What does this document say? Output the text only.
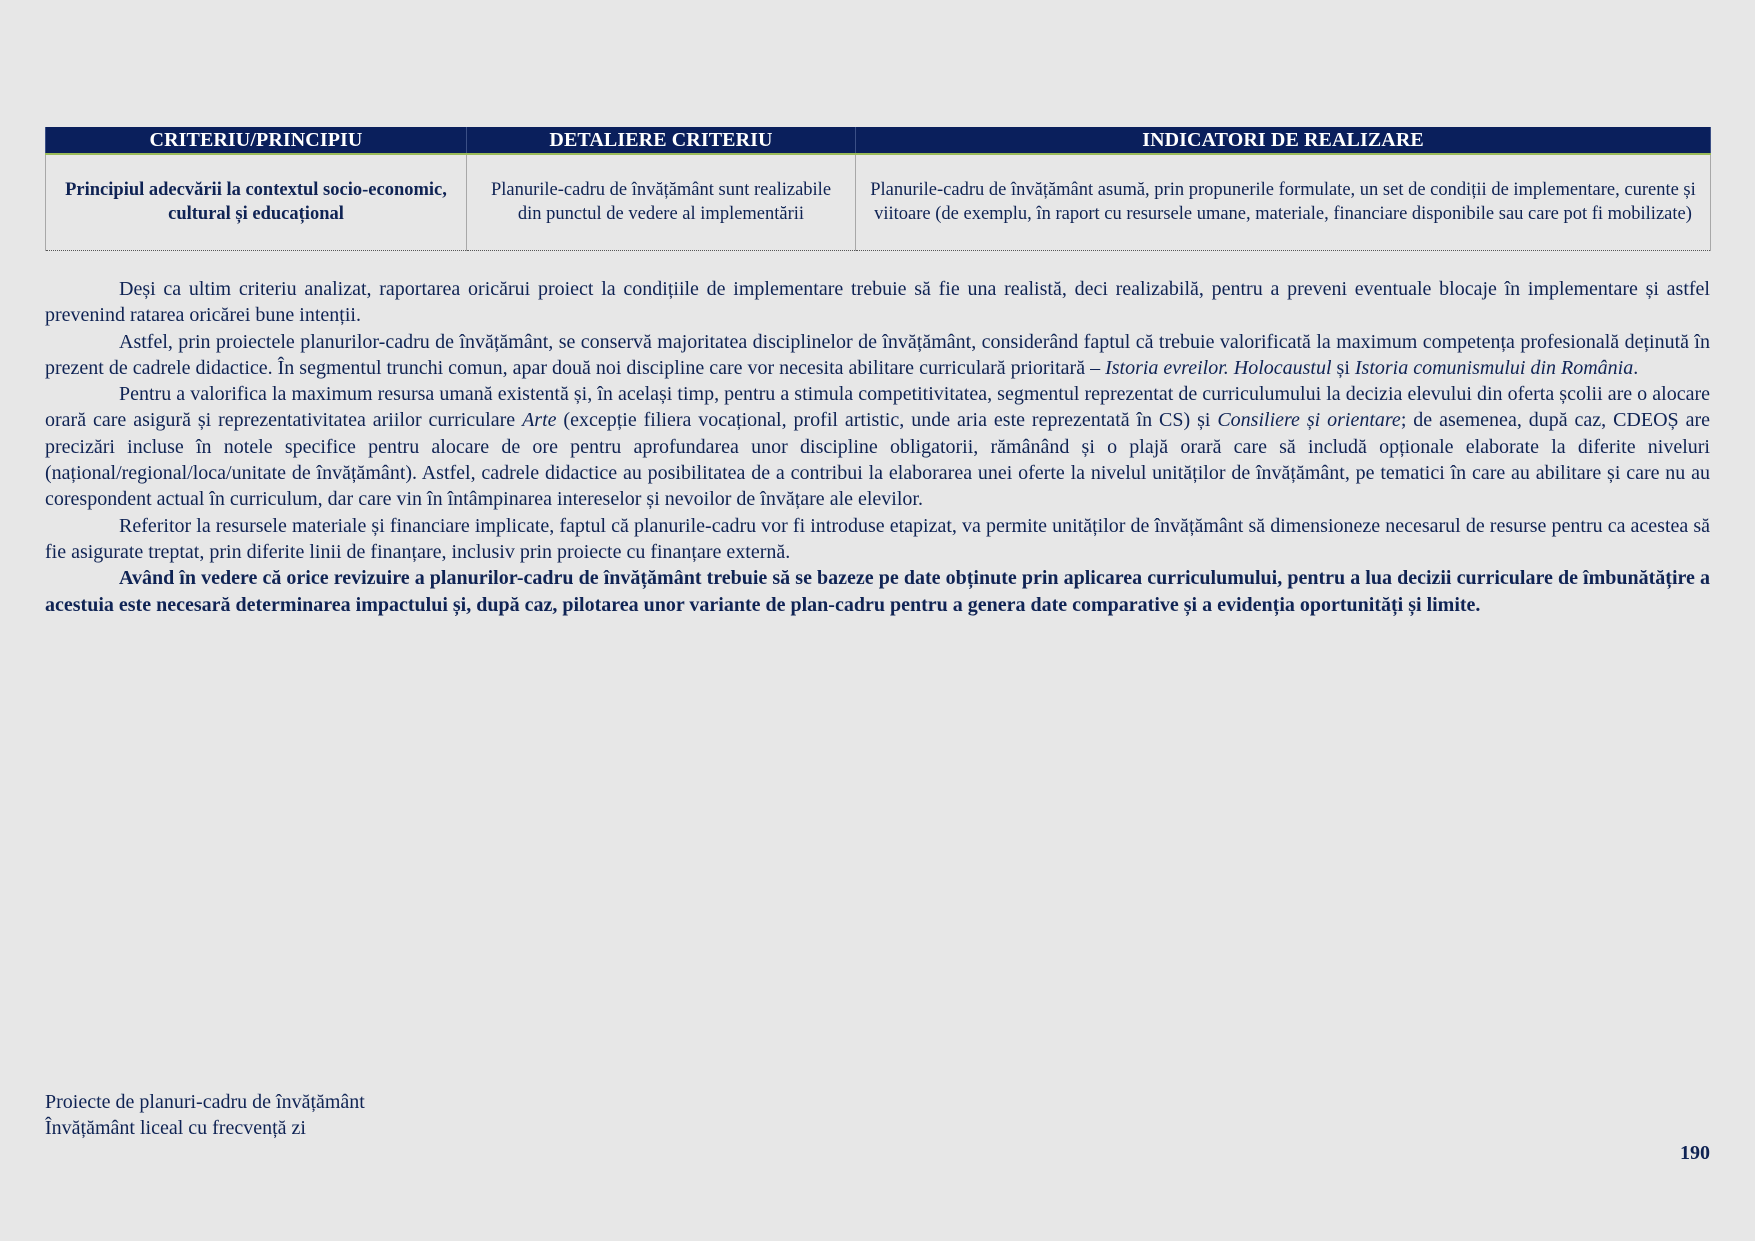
CRITERIU/PRINCIPIU	DETALIERE CRITERIU	INDICATORI DE REALIZARE
Principiul adecvării la contextul socio-economic, cultural și educațional	Planurile-cadru de învățământ sunt realizabile din punctul de vedere al implementării	Planurile-cadru de învățământ asumă, prin propunerile formulate, un set de condiții de implementare, curente și viitoare (de exemplu, în raport cu resursele umane, materiale, financiare disponibile sau care pot fi mobilizate)

Deși ca ultim criteriu analizat, raportarea oricărui proiect la condițiile de implementare trebuie să fie una realistă, deci realizabilă, pentru a preveni eventuale blocaje în implementare și astfel prevenind ratarea oricărei bune intenții.

Astfel, prin proiectele planurilor-cadru de învățământ, se conservă majoritatea disciplinelor de învățământ, considerând faptul că trebuie valorificată la maximum competența profesională deținută în prezent de cadrele didactice. În segmentul trunchi comun, apar două noi discipline care vor necesita abilitare curriculară prioritară – Istoria evreilor. Holocaustul și Istoria comunismului din România.

Pentru a valorifica la maximum resursa umană existentă și, în același timp, pentru a stimula competitivitatea, segmentul reprezentat de curriculumului la decizia elevului din oferta școlii are o alocare orară care asigură și reprezentativitatea ariilor curriculare Arte (excepție filiera vocațional, profil artistic, unde aria este reprezentată în CS) și Consiliere și orientare; de asemenea, după caz, CDEOȘ are precizări incluse în notele specifice pentru alocare de ore pentru aprofundarea unor discipline obligatorii, rămânând și o plajă orară care să includă opționale elaborate la diferite niveluri (național/regional/loca/unitate de învățământ). Astfel, cadrele didactice au posibilitatea de a contribui la elaborarea unei oferte la nivelul unităților de învățământ, pe tematici în care au abilitare și care nu au corespondent actual în curriculum, dar care vin în întâmpinarea intereselor și nevoilor de învățare ale elevilor.

Referitor la resursele materiale și financiare implicate, faptul că planurile-cadru vor fi introduse etapizat, va permite unităților de învățământ să dimensioneze necesarul de resurse pentru ca acestea să fie asigurate treptat, prin diferite linii de finanțare, inclusiv prin proiecte cu finanțare externă.

Având în vedere că orice revizuire a planurilor-cadru de învățământ trebuie să se bazeze pe date obținute prin aplicarea curriculumului, pentru a lua decizii curriculare de îmbunătățire a acestuia este necesară determinarea impactului și, după caz, pilotarea unor variante de plan-cadru pentru a genera date comparative și a evidenția oportunități și limite.

Proiecte de planuri-cadru de învățământ
Învățământ liceal cu frecvență zi
190
